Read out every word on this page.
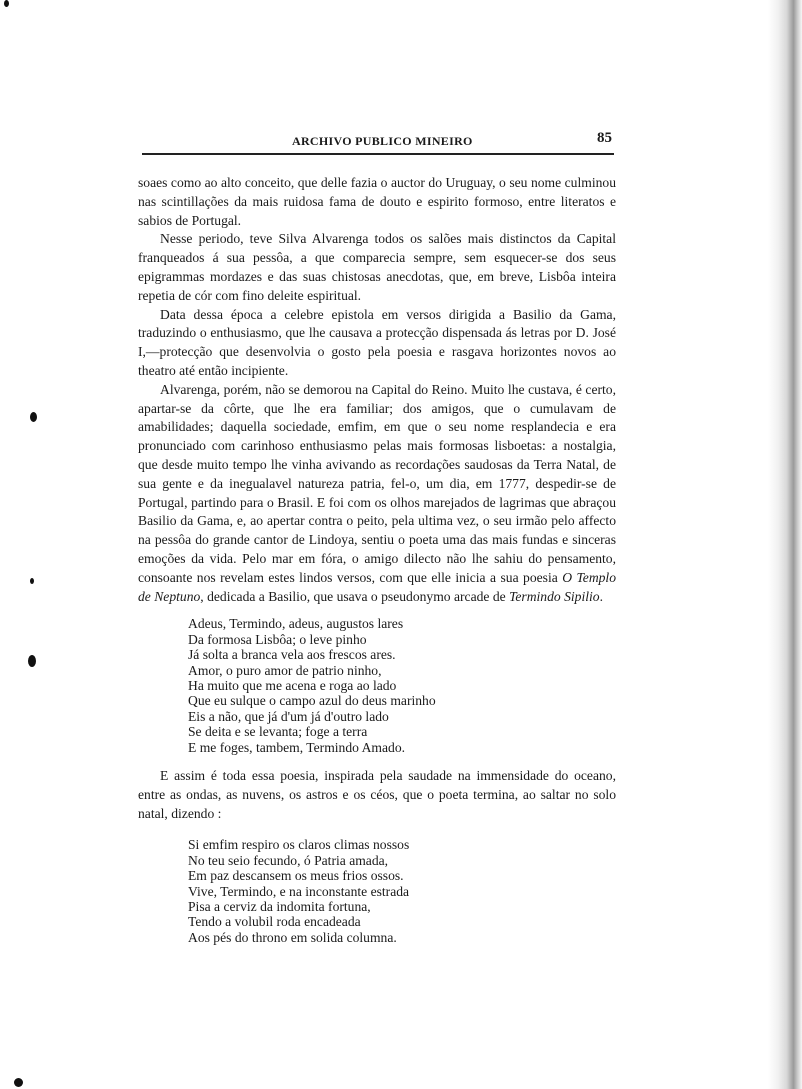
ARCHIVO PUBLICO MINEIRO	85

soaes como ao alto conceito, que delle fazia o auctor do Uruguay, o seu nome culminou nas scintillações da mais ruidosa fama de douto e espirito formoso, entre literatos e sabios de Portugal.

Nesse periodo, teve Silva Alvarenga todos os salões mais distinctos da Capital franqueados á sua pessôa, a que comparecia sempre, sem esquecer-se dos seus epigrammas mordazes e das suas chistosas anecdotas, que, em breve, Lisbôa inteira repetia de cór com fino deleite espiritual.

Data dessa época a celebre epistola em versos dirigida a Basilio da Gama, traduzindo o enthusiasmo, que lhe causava a protecção dispensada ás letras por D. José I,—protecção que desenvolvia o gosto pela poesia e rasgava horizontes novos ao theatro até então incipiente.

Alvarenga, porém, não se demorou na Capital do Reino. Muito lhe custava, é certo, apartar-se da côrte, que lhe era familiar; dos amigos, que o cumulavam de amabilidades; daquella sociedade, emfim, em que o seu nome resplandecia e era pronunciado com carinhoso enthusiasmo pelas mais formosas lisboetas: a nostalgia, que desde muito tempo lhe vinha avivando as recordações saudosas da Terra Natal, de sua gente e da inegualavel natureza patria, fel-o, um dia, em 1777, despedir-se de Portugal, partindo para o Brasil. E foi com os olhos marejados de lagrimas que abraçou Basilio da Gama, e, ao apertar contra o peito, pela ultima vez, o seu irmão pelo affecto na pessôa do grande cantor de Lindoya, sentiu o poeta uma das mais fundas e sinceras emoções da vida. Pelo mar em fóra, o amigo dilecto não lhe sahiu do pensamento, consoante nos revelam estes lindos versos, com que elle inicia a sua poesia O Templo de Neptuno, dedicada a Basilio, que usava o pseudonymo arcade de Termindo Sipilio.

Adeus, Termindo, adeus, augustos lares
Da formosa Lisbôa; o leve pinho
Já solta a branca vela aos frescos ares.
Amor, o puro amor de patrio ninho,
Ha muito que me acena e roga ao lado
Que eu sulque o campo azul do deus marinho
Eis a não, que já d'um já d'outro lado
Se deita e se levanta; foge a terra
E me foges, tambem, Termindo Amado.

E assim é toda essa poesia, inspirada pela saudade na immensidade do oceano, entre as ondas, as nuvens, os astros e os céos, que o poeta termina, ao saltar no solo natal, dizendo :

Si emfim respiro os claros climas nossos
No teu seio fecundo, ó Patria amada,
Em paz descansem os meus frios ossos.
Vive, Termindo, e na inconstante estrada
Pisa a cerviz da indomita fortuna,
Tendo a volubil roda encadeada
Aos pés do throno em solida columna.
